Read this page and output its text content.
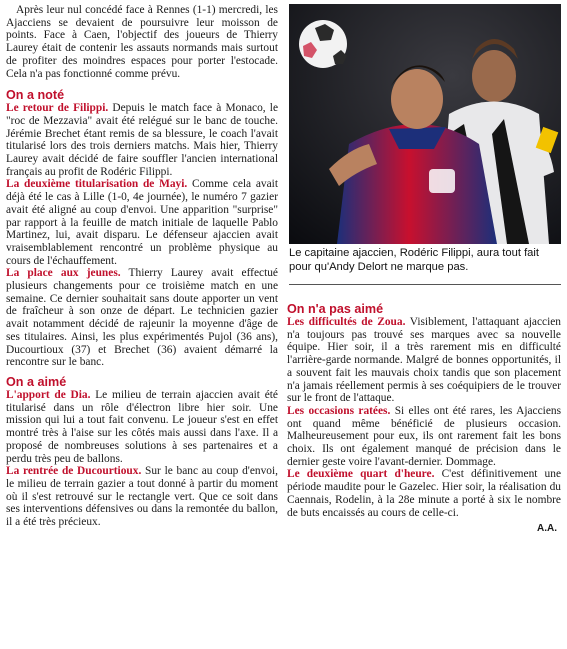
Après leur nul concédé face à Rennes (1-1) mercredi, les Ajacciens se devaient de poursuivre leur moisson de points. Face à Caen, l'objectif des joueurs de Thierry Laurey était de contenir les assauts normands mais surtout de profiter des moindres espaces pour porter l'estocade. Cela n'a pas fonctionné comme prévu.

On a noté

Le retour de Filippi. Depuis le match face à Monaco, le "roc de Mezzavia" avait été relégué sur le banc de touche. Jérémie Brechet étant remis de sa blessure, le coach l'avait titularisé lors des trois derniers matchs. Mais hier, Thierry Laurey avait décidé de faire souffler l'ancien international français au profit de Rodéric Filippi.

La deuxième titularisation de Mayi. Comme cela avait déjà été le cas à Lille (1-0, 4e journée), le numéro 7 gazier avait été aligné au coup d'envoi. Une apparition "surprise" par rapport à la feuille de match initiale de laquelle Pablo Martinez, lui, avait disparu. Le défenseur ajaccien avait vraisemblablement rencontré un problème physique au cours de l'échauffement.

La place aux jeunes. Thierry Laurey avait effectué plusieurs changements pour ce troisième match en une semaine. Ce dernier souhaitait sans doute apporter un vent de fraîcheur à son onze de départ. Le technicien gazier avait notamment décidé de rajeunir la moyenne d'âge de ses titulaires. Ainsi, les plus expérimentés Pujol (36 ans), Ducourtioux (37) et Brechet (36) avaient démarré la rencontre sur le banc.

On a aimé

L'apport de Dia. Le milieu de terrain ajaccien avait été titularisé dans un rôle d'électron libre hier soir. Une mission qui lui a tout fait convenu. Le joueur s'est en effet montré très à l'aise sur les côtés mais aussi dans l'axe. Il a proposé de nombreuses solutions à ses partenaires et a perdu très peu de ballons.

La rentrée de Ducourtioux. Sur le banc au coup d'envoi, le milieu de terrain gazier a tout donné à partir du moment où il s'est retrouvé sur le rectangle vert. Que ce soit dans ses interventions défensives ou dans la remontée du ballon, il a été très précieux.

Le capitaine ajaccien, Rodéric Filippi, aura tout fait pour qu'Andy Delort ne marque pas.
On n'a pas aimé

Les difficultés de Zoua. Visiblement, l'attaquant ajaccien n'a toujours pas trouvé ses marques avec sa nouvelle équipe. Hier soir, il a très rarement mis en difficulté l'arrière-garde normande. Malgré de bonnes opportunités, il a souvent fait les mauvais choix tandis que son placement n'a jamais réellement permis à ses coéquipiers de le trouver sur le front de l'attaque.

Les occasions ratées. Si elles ont été rares, les Ajacciens ont quand même bénéficié de plusieurs occasion. Malheureusement pour eux, ils ont rarement fait les bons choix. Ils ont également manqué de précision dans le dernier geste voire l'avant-dernier. Dommage.

Le deuxième quart d'heure. C'est définitivement une période maudite pour le Gazelec. Hier soir, la réalisation du Caennais, Rodelin, à la 28e minute a porté à six le nombre de buts encaissés au cours de celle-ci.

A.A.
